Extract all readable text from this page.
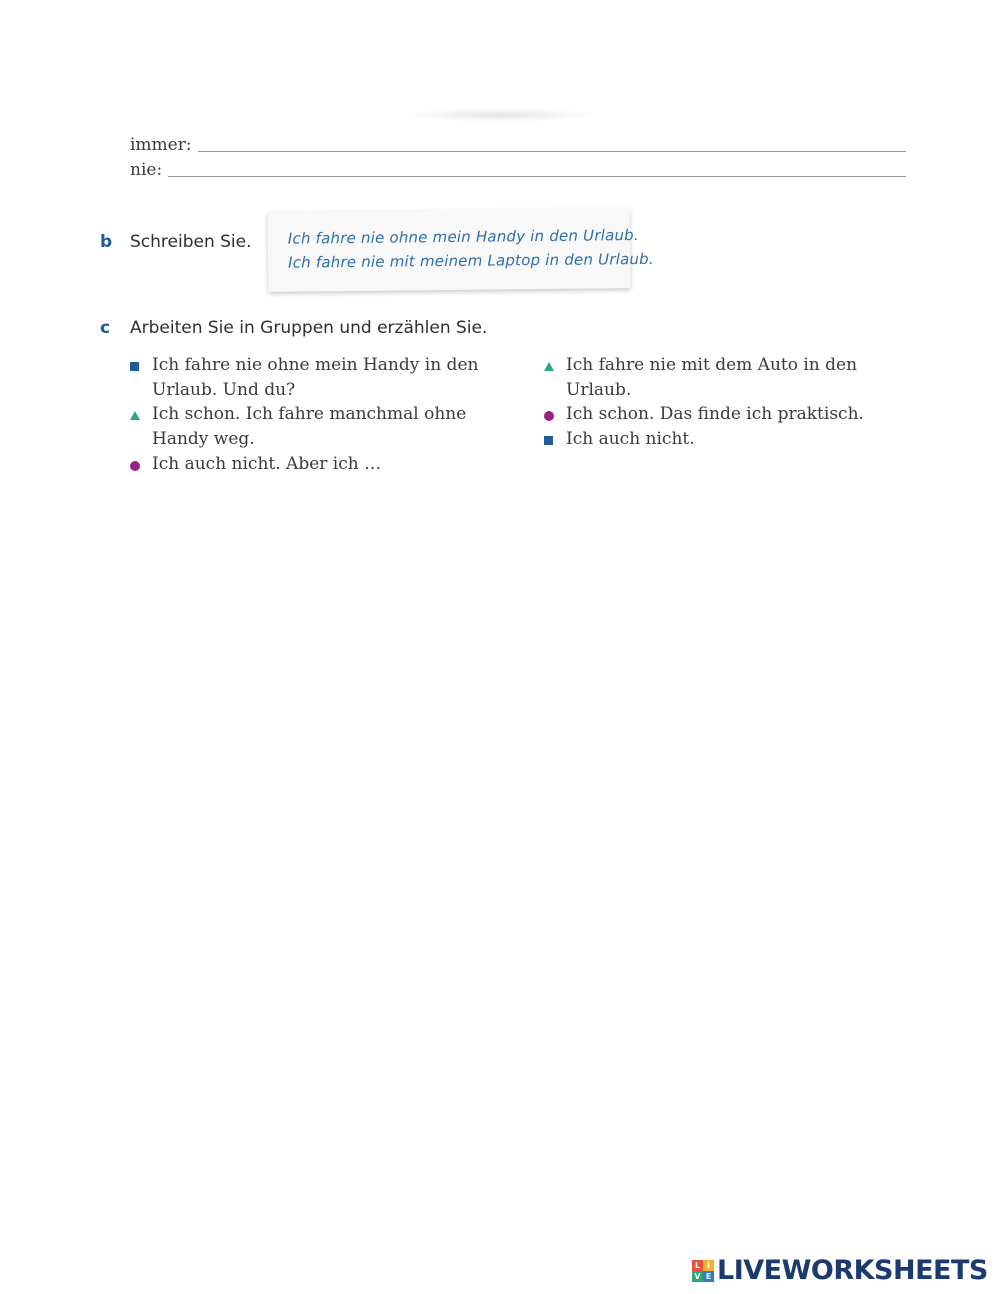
immer:
nie:
b Schreiben Sie. Ich fahre nie ohne mein Handy in den Urlaub.
Ich fahre nie mit meinem Laptop in den Urlaub.
c Arbeiten Sie in Gruppen und erzählen Sie.
Ich fahre nie ohne mein Handy in den Urlaub. Und du?
Ich schon. Ich fahre manchmal ohne Handy weg.
Ich auch nicht. Aber ich …
Ich fahre nie mit dem Auto in den Urlaub.
Ich schon. Das finde ich praktisch.
Ich auch nicht.
L I
V E LIVEWORKSHEETS
